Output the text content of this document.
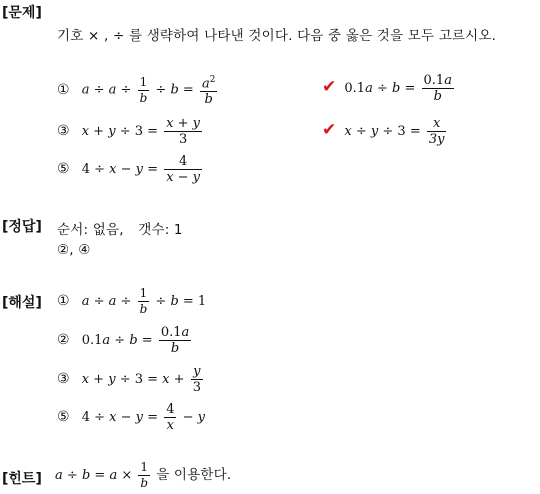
[문제]
기호 × , ÷ 를 생략하여 나타낸 것이다. 다음 중 옳은 것을 모두 고르시오.
① $a \div a \div \frac{1}{b} \div b = \frac{a^2}{b}$	✔ $0.1a \div b = \frac{0.1a}{b}$
③ $x + y \div 3 = \frac{x + y}{3}$	✔ $x \div y \div 3 = \frac{x}{3y}$
⑤ $4 \div x - y = \frac{4}{x - y}$
[정답] 순서: 없음, 갯수: 1
②, ④
[해설] ① $a \div a \div \frac{1}{b} \div b = 1$
② $0.1a \div b = \frac{0.1a}{b}$
③ $x + y \div 3 = x + \frac{y}{3}$
⑤ $4 \div x - y = \frac{4}{x} - y$
[힌트] $a \div b = a \times \frac{1}{b}$ 을 이용한다.
